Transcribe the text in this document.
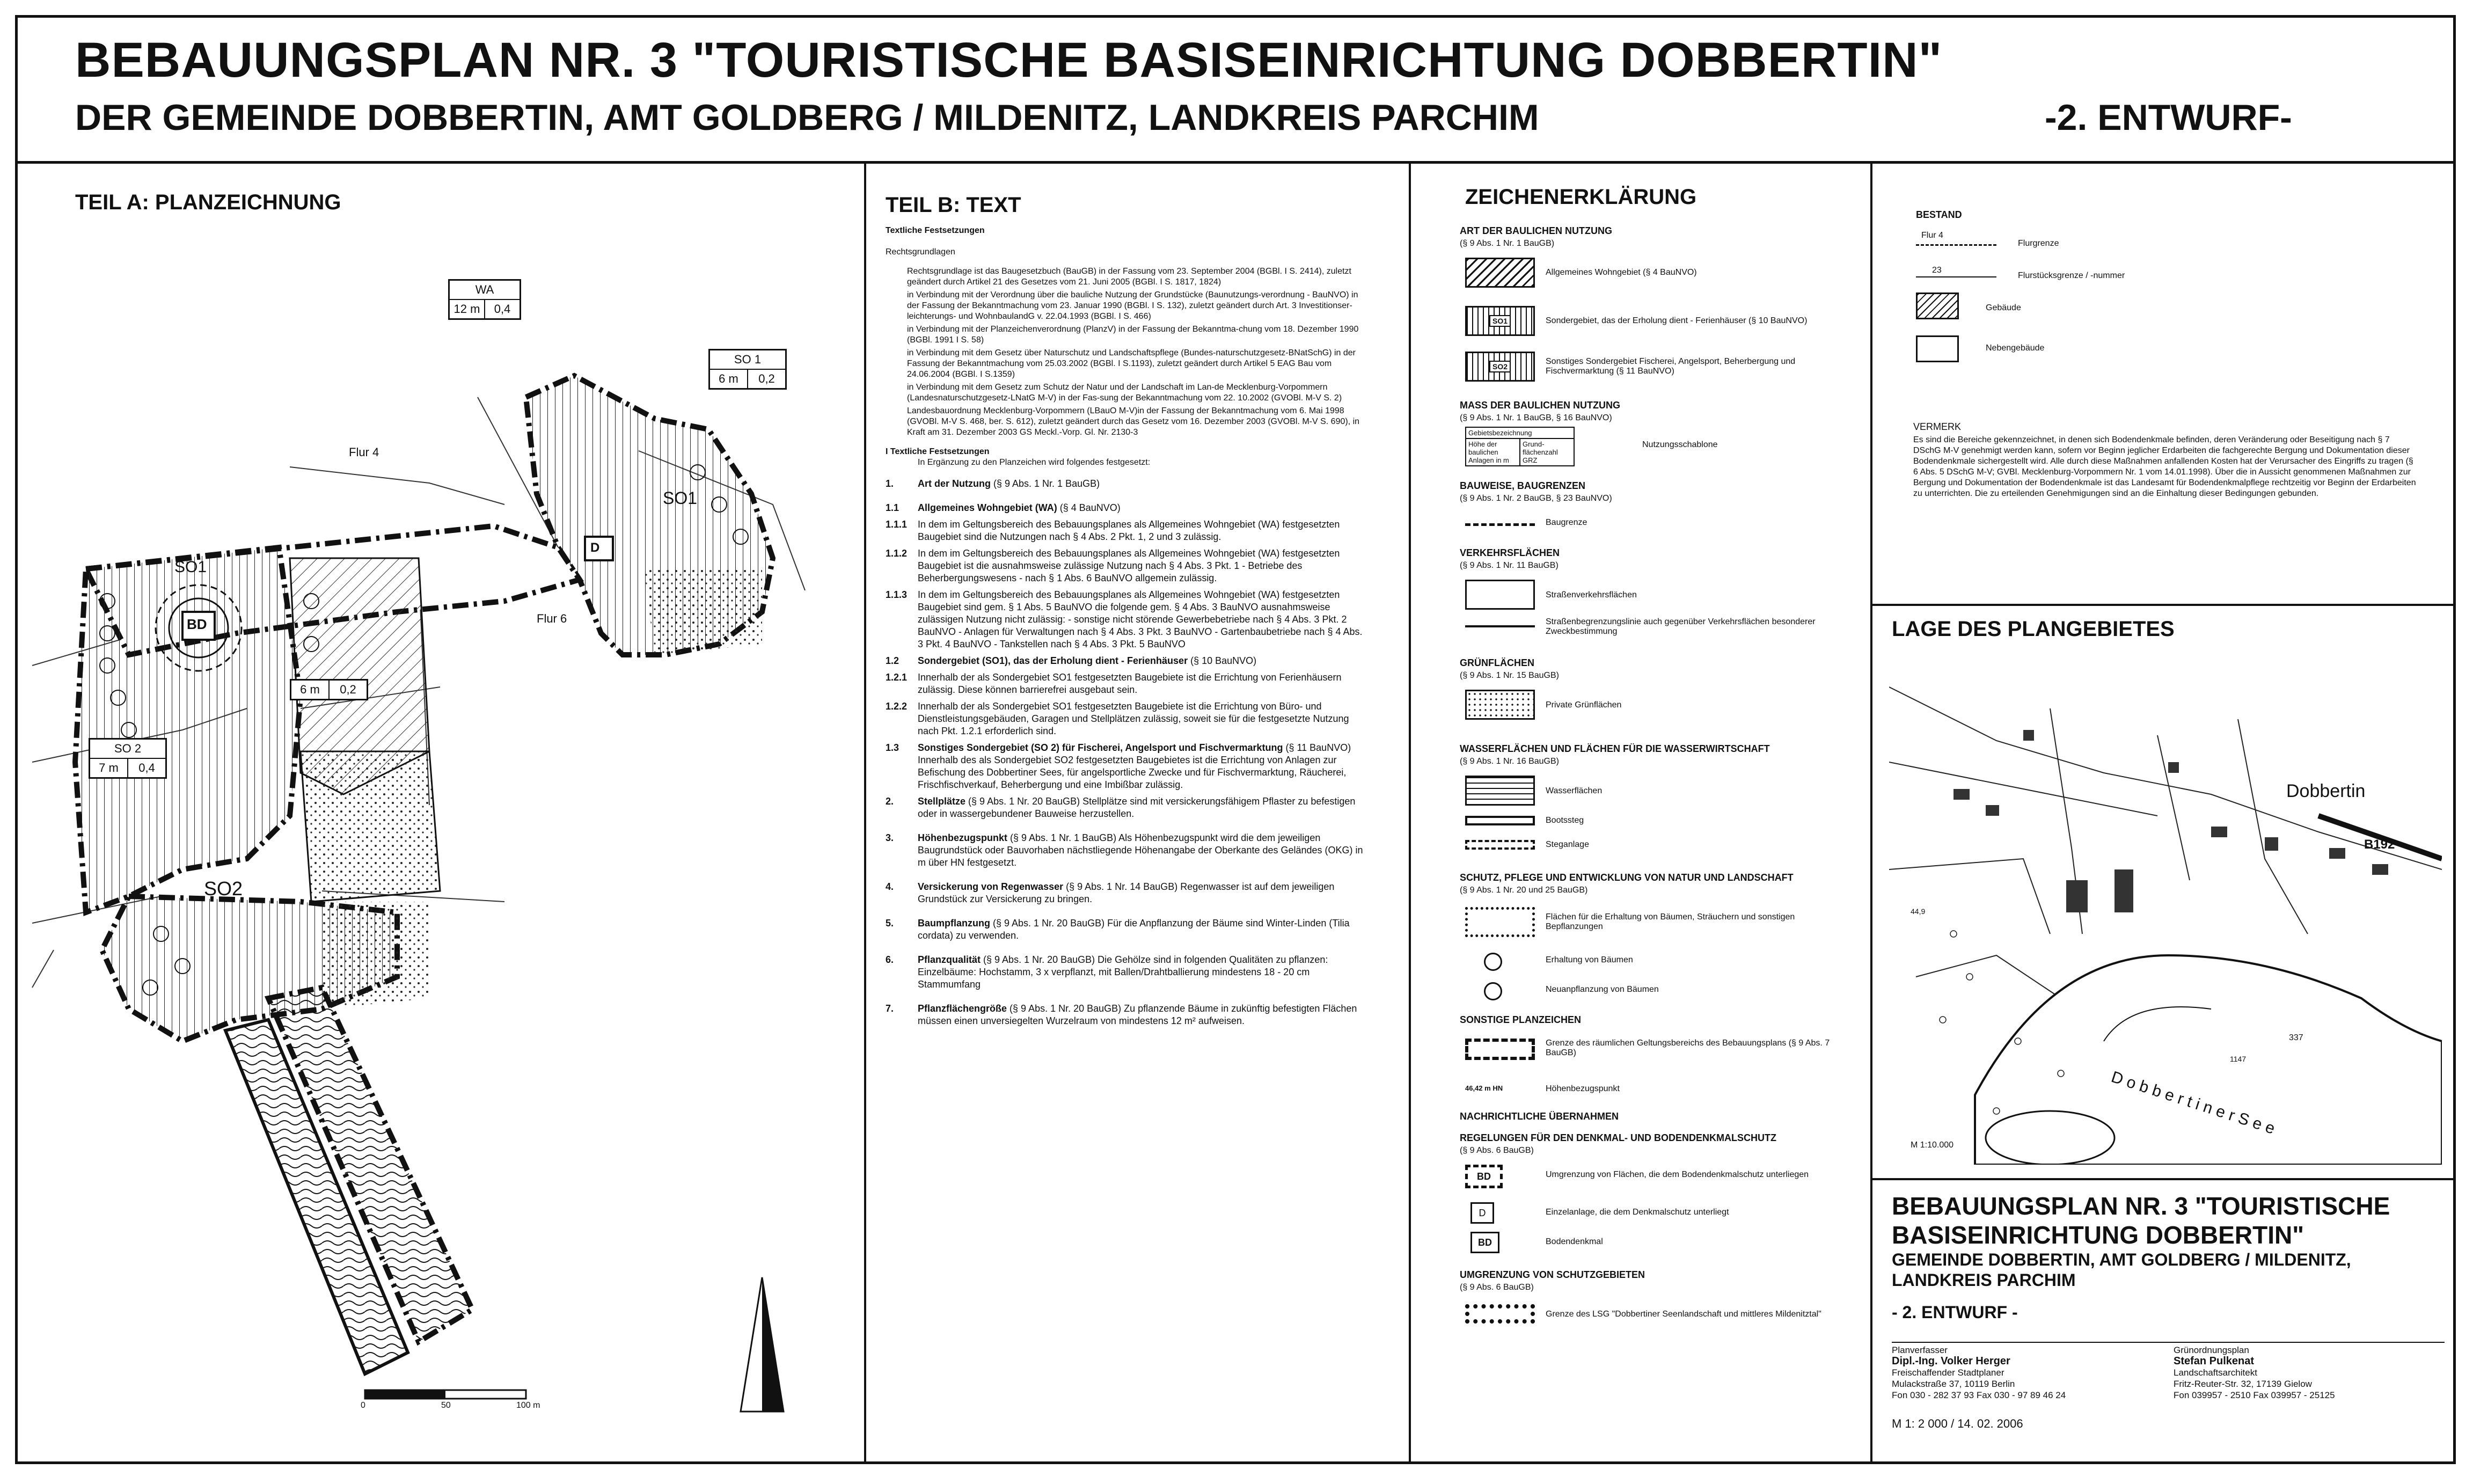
BEBAUUNGSPLAN NR. 3 "TOURISTISCHE BASISEINRICHTUNG DOBBERTIN"
DER GEMEINDE DOBBERTIN, AMT GOLDBERG / MILDENITZ, LANDKREIS PARCHIM	-2. ENTWURF-
TEIL A: PLANZEICHNUNG
Flur 4
Flur 6
SO1
SO1
SO2
BD
D
WA
12 m	0,4
SO 1
6 m	0,2
SO 2
7 m	0,4
6 m	0,2
0	50	100 m
N
TEIL B: TEXT

Textliche Festsetzungen

Rechtsgrundlagen

Rechtsgrundlage ist das Baugesetzbuch (BauGB) in der Fassung vom 23. September 2004 (BGBl. I S. 2414), zuletzt geändert durch Artikel 21 des Gesetzes vom 21. Juni 2005 (BGBl. I S. 1817, 1824)

in Verbindung mit der Verordnung über die bauliche Nutzung der Grundstücke (Baunutzungs-verordnung - BauNVO) in der Fassung der Bekanntmachung vom 23. Januar 1990 (BGBl. I S. 132), zuletzt geändert durch Art. 3 Investitionser-leichterungs- und WohnbaulandG v. 22.04.1993 (BGBl. I S. 466)

in Verbindung mit der Planzeichenverordnung (PlanzV) in der Fassung der Bekanntma-chung vom 18. Dezember 1990 (BGBl. 1991 I S. 58)

in Verbindung mit dem Gesetz über Naturschutz und Landschaftspflege (Bundes-naturschutzgesetz-BNatSchG) in der Fassung der Bekanntmachung vom 25.03.2002 (BGBl. I S.1193), zuletzt geändert durch Artikel 5 EAG Bau vom 24.06.2004 (BGBl. I S.1359)

in Verbindung mit dem Gesetz zum Schutz der Natur und der Landschaft im Lan-de Mecklenburg-Vorpommern (Landesnaturschutzgesetz-LNatG M-V) in der Fas-sung der Bekanntmachung vom 22. 10.2002 (GVOBl. M-V S. 2)

Landesbauordnung Mecklenburg-Vorpommern (LBauO M-V)in der Fassung der Bekanntmachung vom 6. Mai 1998 (GVOBl. M-V S. 468, ber. S. 612), zuletzt geändert durch das Gesetz vom 16. Dezember 2003 (GVOBl. M-V S. 690), in Kraft am 31. Dezember 2003 GS Meckl.-Vorp. Gl. Nr. 2130-3

I Textliche Festsetzungen

In Ergänzung zu den Planzeichen wird folgendes festgesetzt:

1.	Art der Nutzung (§ 9 Abs. 1 Nr. 1 BauGB)
1.1	Allgemeines Wohngebiet (WA) (§ 4 BauNVO)
1.1.1	In dem im Geltungsbereich des Bebauungsplanes als Allgemeines Wohngebiet (WA) festgesetzten Baugebiet sind die Nutzungen nach § 4 Abs. 2 Pkt. 1, 2 und 3 zulässig.
1.1.2	In dem im Geltungsbereich des Bebauungsplanes als Allgemeines Wohngebiet (WA) festgesetzten Baugebiet ist die ausnahmsweise zulässige Nutzung nach § 4 Abs. 3 Pkt. 1 - Betriebe des Beherbergungswesens - nach § 1 Abs. 6 BauNVO allgemein zulässig.
1.1.3	In dem im Geltungsbereich des Bebauungsplanes als Allgemeines Wohngebiet (WA) festgesetzten Baugebiet sind gem. § 1 Abs. 5 BauNVO die folgende gem. § 4 Abs. 3 BauNVO ausnahmsweise zulässigen Nutzung nicht zulässig: - sonstige nicht störende Gewerbebetriebe nach § 4 Abs. 3 Pkt. 2 BauNVO - Anlagen für Verwaltungen nach § 4 Abs. 3 Pkt. 3 BauNVO - Gartenbaubetriebe nach § 4 Abs. 3 Pkt. 4 BauNVO - Tankstellen nach § 4 Abs. 3 Pkt. 5 BauNVO
1.2	Sondergebiet (SO1), das der Erholung dient - Ferienhäuser (§ 10 BauNVO)
1.2.1	Innerhalb der als Sondergebiet SO1 festgesetzten Baugebiete ist die Errichtung von Ferienhäusern zulässig. Diese können barrierefrei ausgebaut sein.
1.2.2	Innerhalb der als Sondergebiet SO1 festgesetzten Baugebiete ist die Errichtung von Büro- und Dienstleistungsgebäuden, Garagen und Stellplätzen zulässig, soweit sie für die festgesetzte Nutzung nach Pkt. 1.2.1 erforderlich sind.
1.3	Sonstiges Sondergebiet (SO 2) für Fischerei, Angelsport und Fischvermarktung (§ 11 BauNVO) Innerhalb des als Sondergebiet SO2 festgesetzten Baugebietes ist die Errichtung von Anlagen zur Befischung des Dobbertiner Sees, für angelsportliche Zwecke und für Fischvermarktung, Räucherei, Frischfischverkauf, Beherbergung und eine Imbißbar zulässig.
2.	Stellplätze (§ 9 Abs. 1 Nr. 20 BauGB) Stellplätze sind mit versickerungsfähigem Pflaster zu befestigen oder in wassergebundener Bauweise herzustellen.
3.	Höhenbezugspunkt (§ 9 Abs. 1 Nr. 1 BauGB) Als Höhenbezugspunkt wird die dem jeweiligen Baugrundstück oder Bauvorhaben nächstliegende Höhenangabe der Oberkante des Geländes (OKG) in m über HN festgesetzt.
4.	Versickerung von Regenwasser (§ 9 Abs. 1 Nr. 14 BauGB) Regenwasser ist auf dem jeweiligen Grundstück zur Versickerung zu bringen.
5.	Baumpflanzung (§ 9 Abs. 1 Nr. 20 BauGB) Für die Anpflanzung der Bäume sind Winter-Linden (Tilia cordata) zu verwenden.
6.	Pflanzqualität (§ 9 Abs. 1 Nr. 20 BauGB) Die Gehölze sind in folgenden Qualitäten zu pflanzen: Einzelbäume: Hochstamm, 3 x verpflanzt, mit Ballen/Drahtballierung mindestens 18 - 20 cm Stammumfang
7.	Pflanzflächengröße (§ 9 Abs. 1 Nr. 20 BauGB) Zu pflanzende Bäume in zukünftig befestigten Flächen müssen einen unversiegelten Wurzelraum von mindestens 12 m² aufweisen.
ZEICHENERKLÄRUNG
ART DER BAULICHEN NUTZUNG
(§ 9 Abs. 1 Nr. 1 BauGB)
Allgemeines Wohngebiet (§ 4 BauNVO)
SO1	Sondergebiet, das der Erholung dient - Ferienhäuser (§ 10 BauNVO)
SO2
Sonstiges Sondergebiet Fischerei, Angelsport, Beherbergung und Fischvermarktung (§ 11 BauNVO)
MASS DER BAULICHEN NUTZUNG
(§ 9 Abs. 1 Nr. 1 BauGB, § 16 BauNVO)
Gebietsbezeichnung
Höhe der baulichen Anlagen in m
Grund-flächenzahl GRZ
Nutzungsschablone
BAUWEISE, BAUGRENZEN
(§ 9 Abs. 1 Nr. 2 BauGB, § 23 BauNVO)
Baugrenze
VERKEHRSFLÄCHEN
(§ 9 Abs. 1 Nr. 11 BauGB)
Straßenverkehrsflächen
Straßenbegrenzungslinie auch gegenüber Verkehrsflächen besonderer Zweckbestimmung
GRÜNFLÄCHEN
(§ 9 Abs. 1 Nr. 15 BauGB)
Private Grünflächen
WASSERFLÄCHEN UND FLÄCHEN FÜR DIE WASSERWIRTSCHAFT
(§ 9 Abs. 1 Nr. 16 BauGB)
Wasserflächen
Bootssteg
Steganlage
SCHUTZ, PFLEGE UND ENTWICKLUNG VON NATUR UND LANDSCHAFT
(§ 9 Abs. 1 Nr. 20 und 25 BauGB)
Flächen für die Erhaltung von Bäumen, Sträuchern und sonstigen Bepflanzungen
Erhaltung von Bäumen
Neuanpflanzung von Bäumen
SONSTIGE PLANZEICHEN
Grenze des räumlichen Geltungsbereichs des Bebauungsplans (§ 9 Abs. 7 BauGB)
46,42 m HN	Höhenbezugspunkt
NACHRICHTLICHE ÜBERNAHMEN
REGELUNGEN FÜR DEN DENKMAL- UND BODENDENKMALSCHUTZ
(§ 9 Abs. 6 BauGB)
BD	Umgrenzung von Flächen, die dem Bodendenkmalschutz unterliegen
D	Einzelanlage, die dem Denkmalschutz unterliegt
BD	Bodendenkmal
UMGRENZUNG VON SCHUTZGEBIETEN
(§ 9 Abs. 6 BauGB)
Grenze des LSG "Dobbertiner Seenlandschaft und mittleres Mildenitztal"
BESTAND
Flur 4
Flurgrenze
23
Flurstücksgrenze / -nummer
Gebäude
Nebengebäude
VERMERK
Es sind die Bereiche gekennzeichnet, in denen sich Bodendenkmale befinden, deren Veränderung oder Beseitigung nach § 7 DSchG M-V genehmigt werden kann, sofern vor Beginn jeglicher Erdarbeiten die fachgerechte Bergung und Dokumentation dieser Bodendenkmale sichergestellt wird. Alle durch diese Maßnahmen anfallenden Kosten hat der Verursacher des Eingriffs zu tragen (§ 6 Abs. 5 DSchG M-V; GVBl. Mecklenburg-Vorpommern Nr. 1 vom 14.01.1998). Über die in Aussicht genommenen Maßnahmen zur Bergung und Dokumentation der Bodendenkmale ist das Landesamt für Bodendenkmalpflege rechtzeitig vor Beginn der Erdarbeiten zu unterrichten. Die zu erteilenden Genehmigungen sind an die Einhaltung dieser Bedingungen gebunden.
LAGE DES PLANGEBIETES
Dobbertin
B192
D o b b e r t i n e r S e e
M 1:10.000
44,9
337
1147
BEBAUUNGSPLAN NR. 3 "TOURISTISCHE
BASISEINRICHTUNG DOBBERTIN"
GEMEINDE DOBBERTIN, AMT GOLDBERG / MILDENITZ,
LANDKREIS PARCHIM
- 2. ENTWURF -
Planverfasser
Dipl.-Ing. Volker Herger
Freischaffender Stadtplaner
Mulackstraße 37, 10119 Berlin
Fon 030 - 282 37 93 Fax 030 - 97 89 46 24
Grünordnungsplan
Stefan Pulkenat
Landschaftsarchitekt
Fritz-Reuter-Str. 32, 17139 Gielow
Fon 039957 - 2510 Fax 039957 - 25125
M 1: 2 000 / 14. 02. 2006
